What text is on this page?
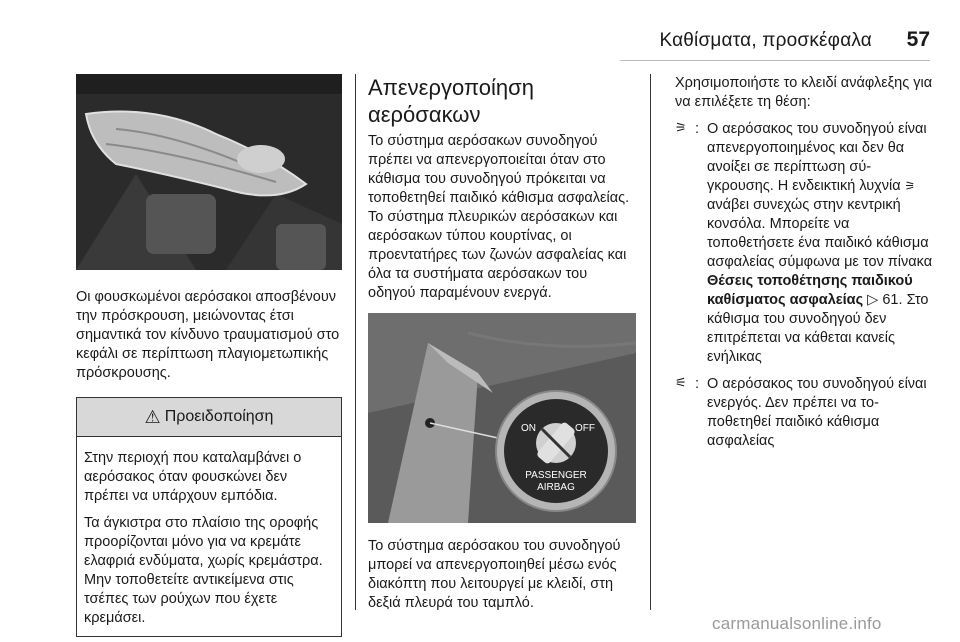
Καθίσματα, προσκέφαλα 57

Οι φουσκωμένοι αερόσακοι αποσβένουν την πρόσκρουση, μειώνοντας έτσι σημαντικά τον κίνδυνο τραυματισμού στο κεφάλι σε περίπτωση πλαγιομετωπικής πρόσκρουσης.

⚠ Προειδοποίηση

Στην περιοχή που καταλαμβάνει ο αερόσακος όταν φουσκώνει δεν πρέπει να υπάρχουν εμπόδια.

Τα άγκιστρα στο πλαίσιο της οροφής προορίζονται μόνο για να κρεμάτε ελαφριά ενδύματα, χωρίς κρεμάστρα. Μην τοποθετείτε αντικείμενα στις τσέπες των ρούχων που έχετε κρεμάσει.

Απενεργοποίηση αερόσακων

Το σύστημα αερόσακων συνοδηγού πρέπει να απενεργοποιείται όταν στο κάθισμα του συνοδηγού πρόκειται να τοποθετηθεί παιδικό κάθισμα ασφαλείας. Το σύστημα πλευρικών αερόσακων και αερόσακων τύπου κουρτίνας, οι προεντατήρες των ζωνών ασφαλείας και όλα τα συστήματα αερόσακων του οδηγού παραμένουν ενεργά.

ON	OFF
PASSENGER
AIRBAG

Το σύστημα αερόσακου του συνοδηγού μπορεί να απενεργοποιηθεί μέσω ενός διακόπτη που λειτουργεί με κλειδί, στη δεξιά πλευρά του ταμπλό.

Χρησιμοποιήστε το κλειδί ανάφλεξης για να επιλέξετε τη θέση:

⚞ : Ο αερόσακος του συνοδηγού είναι απενεργοποιημένος και δεν θα ανοίξει σε περίπτωση σύγκρουσης. Η ενδεικτική λυχνία ⚞ ανάβει συνεχώς στην κεντρική κονσόλα. Μπορείτε να τοποθετήσετε ένα παιδικό κάθισμα ασφαλείας σύμφωνα με τον πίνακα Θέσεις τοποθέτησης παιδικού καθίσματος ασφαλείας ▷ 61. Στο κάθισμα του συνοδηγού δεν επιτρέπεται να κάθεται κανείς ενήλικας

⚟ : Ο αερόσακος του συνοδηγού είναι ενεργός. Δεν πρέπει να τοποθετηθεί παιδικό κάθισμα ασφαλείας

carmanualsonline.info
